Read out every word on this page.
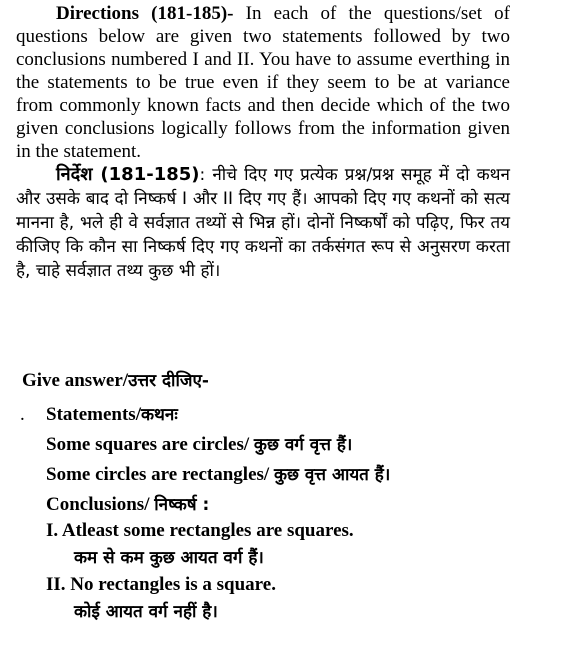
Directions (181-185)- In each of the questions/set of questions below are given two statements followed by two conclusions numbered I and II. You have to assume everthing in the statements to be true even if they seem to be at variance from commonly known facts and then decide which of the two given conclusions logically follows from the information given in the statement.

निर्देश (181-185): नीचे दिए गए प्रत्येक प्रश्न/प्रश्न समूह में दो कथन और उसके बाद दो निष्कर्ष I और II दिए गए हैं। आपको दिए गए कथनों को सत्य मानना है, भले ही वे सर्वज्ञात तथ्यों से भिन्न हों। दोनों निष्कर्षों को पढ़िए, फिर तय कीजिए कि कौन सा निष्कर्ष दिए गए कथनों का तर्कसंगत रूप से अनुसरण करता है, चाहे सर्वज्ञात तथ्य कुछ भी हों।

Give answer/उत्तर दीजिए-
. Statements/कथनः
Some squares are circles/ कुछ वर्ग वृत्त हैं।
Some circles are rectangles/ कुछ वृत्त आयत हैं।
Conclusions/ निष्कर्ष :
I. Atleast some rectangles are squares.
कम से कम कुछ आयत वर्ग हैं।
II. No rectangles is a square.
कोई आयत वर्ग नहीं है।
